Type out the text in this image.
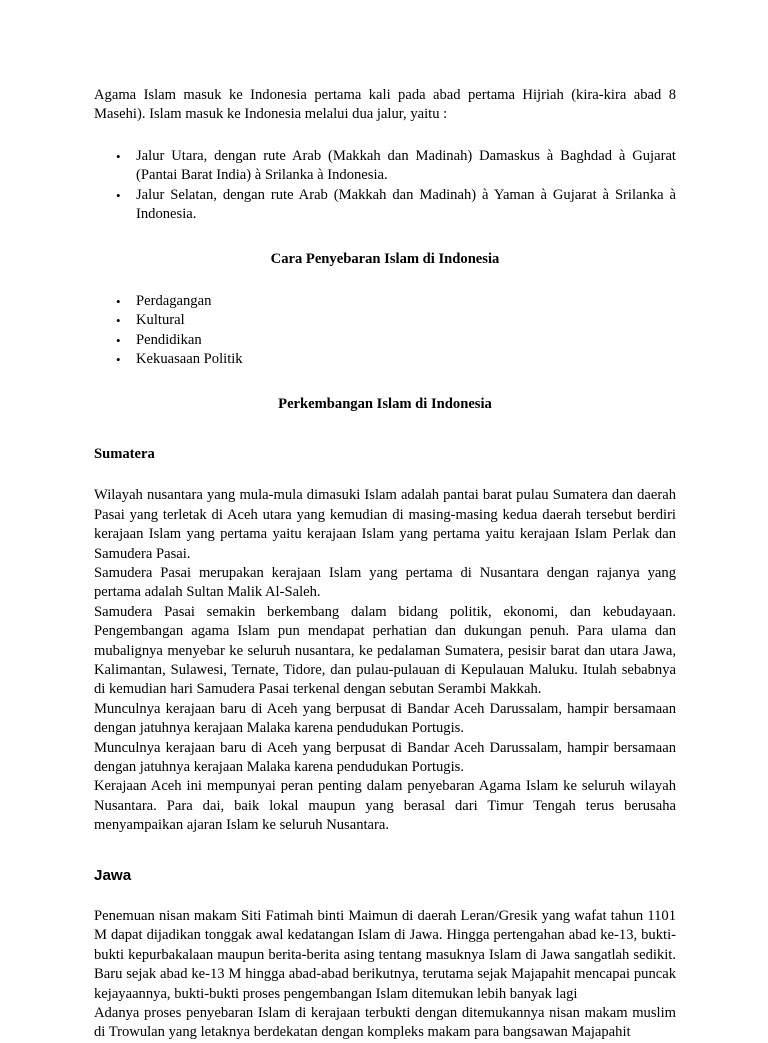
Agama Islam masuk ke Indonesia pertama kali pada abad pertama Hijriah (kira-kira abad 8 Masehi). Islam masuk ke Indonesia melalui dua jalur, yaitu :

•	Jalur Utara, dengan rute Arab (Makkah dan Madinah) Damaskus à Baghdad à Gujarat (Pantai Barat India) à Srilanka à Indonesia.
•	Jalur Selatan, dengan rute Arab (Makkah dan Madinah) à Yaman à Gujarat à Srilanka à Indonesia.
Cara Penyebaran Islam di Indonesia
•	Perdagangan
•	Kultural
•	Pendidikan
•	Kekuasaan Politik
Perkembangan Islam di Indonesia
Sumatera

Wilayah nusantara yang mula-mula dimasuki Islam adalah pantai barat pulau Sumatera dan daerah Pasai yang terletak di Aceh utara yang kemudian di masing-masing kedua daerah tersebut berdiri kerajaan Islam yang pertama yaitu kerajaan Islam yang pertama yaitu kerajaan Islam Perlak dan Samudera Pasai.

Samudera Pasai merupakan kerajaan Islam yang pertama di Nusantara dengan rajanya yang pertama adalah Sultan Malik Al-Saleh.

Samudera Pasai semakin berkembang dalam bidang politik, ekonomi, dan kebudayaan. Pengembangan agama Islam pun mendapat perhatian dan dukungan penuh. Para ulama dan mubalignya menyebar ke seluruh nusantara, ke pedalaman Sumatera, pesisir barat dan utara Jawa, Kalimantan, Sulawesi, Ternate, Tidore, dan pulau-pulauan di Kepulauan Maluku. Itulah sebabnya di kemudian hari Samudera Pasai terkenal dengan sebutan Serambi Makkah.

Munculnya kerajaan baru di Aceh yang berpusat di Bandar Aceh Darussalam, hampir bersamaan dengan jatuhnya kerajaan Malaka karena pendudukan Portugis.

Munculnya kerajaan baru di Aceh yang berpusat di Bandar Aceh Darussalam, hampir bersamaan dengan jatuhnya kerajaan Malaka karena pendudukan Portugis.

Kerajaan Aceh ini mempunyai peran penting dalam penyebaran Agama Islam ke seluruh wilayah Nusantara. Para dai, baik lokal maupun yang berasal dari Timur Tengah terus berusaha menyampaikan ajaran Islam ke seluruh Nusantara.

Jawa

Penemuan nisan makam Siti Fatimah binti Maimun di daerah Leran/Gresik yang wafat tahun 1101 M dapat dijadikan tonggak awal kedatangan Islam di Jawa. Hingga pertengahan abad ke-13, bukti-bukti kepurbakalaan maupun berita-berita asing tentang masuknya Islam di Jawa sangatlah sedikit. Baru sejak abad ke-13 M hingga abad-abad berikutnya, terutama sejak Majapahit mencapai puncak kejayaannya, bukti-bukti proses pengembangan Islam ditemukan lebih banyak lagi

Adanya proses penyebaran Islam di kerajaan terbukti dengan ditemukannya nisan makam muslim di Trowulan yang letaknya berdekatan dengan kompleks makam para bangsawan Majapahit
